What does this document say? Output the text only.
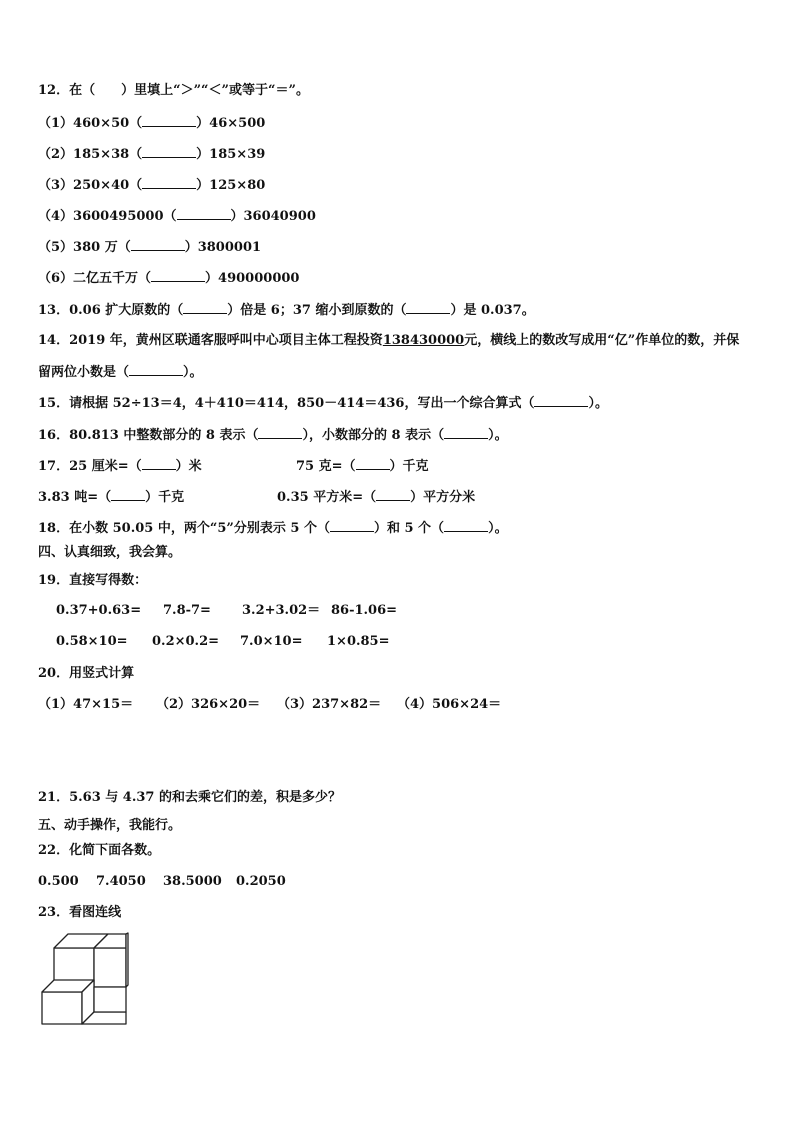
12．在（　　）里填上“＞”“＜”或等于“＝”。
（1）460×50（	）46×500
（2）185×38（	）185×39
（3）250×40（	）125×80
（4）3600495000（	）36040900
（5）380 万（	）3800001
（6）二亿五千万（	）490000000
13．0.06 扩大原数的（	）倍是 6；37 缩小到原数的（	）是 0.037。
14．2019 年，黄州区联通客服呼叫中心项目主体工程投资138430000元，横线上的数改写成用“亿”作单位的数，并保
留两位小数是（	）。
15．请根据 52÷13＝4，4＋410＝414，850－414＝436，写出一个综合算式（	）。
16．80.813 中整数部分的 8 表示（	），小数部分的 8 表示（	）。
17．25 厘米=（	）米	75 克=（	）千克
3.83 吨=（	）千克	0.35 平方米=（	）平方分米
18．在小数 50.05 中，两个“5”分别表示 5 个（	）和 5 个（	）。
四、认真细致，我会算。
19．直接写得数：
0.37+0.63= 7.8-7= 3.2+3.02＝ 86-1.06=
0.58×10= 0.2×0.2= 7.0×10= 1×0.85=
20．用竖式计算
（1）47×15＝ （2）326×20＝ （3）237×82＝ （4）506×24＝
21．5.63 与 4.37 的和去乘它们的差，积是多少？
五、动手操作，我能行。
22．化简下面各数。
0.500 7.4050 38.5000 0.2050
23．看图连线
